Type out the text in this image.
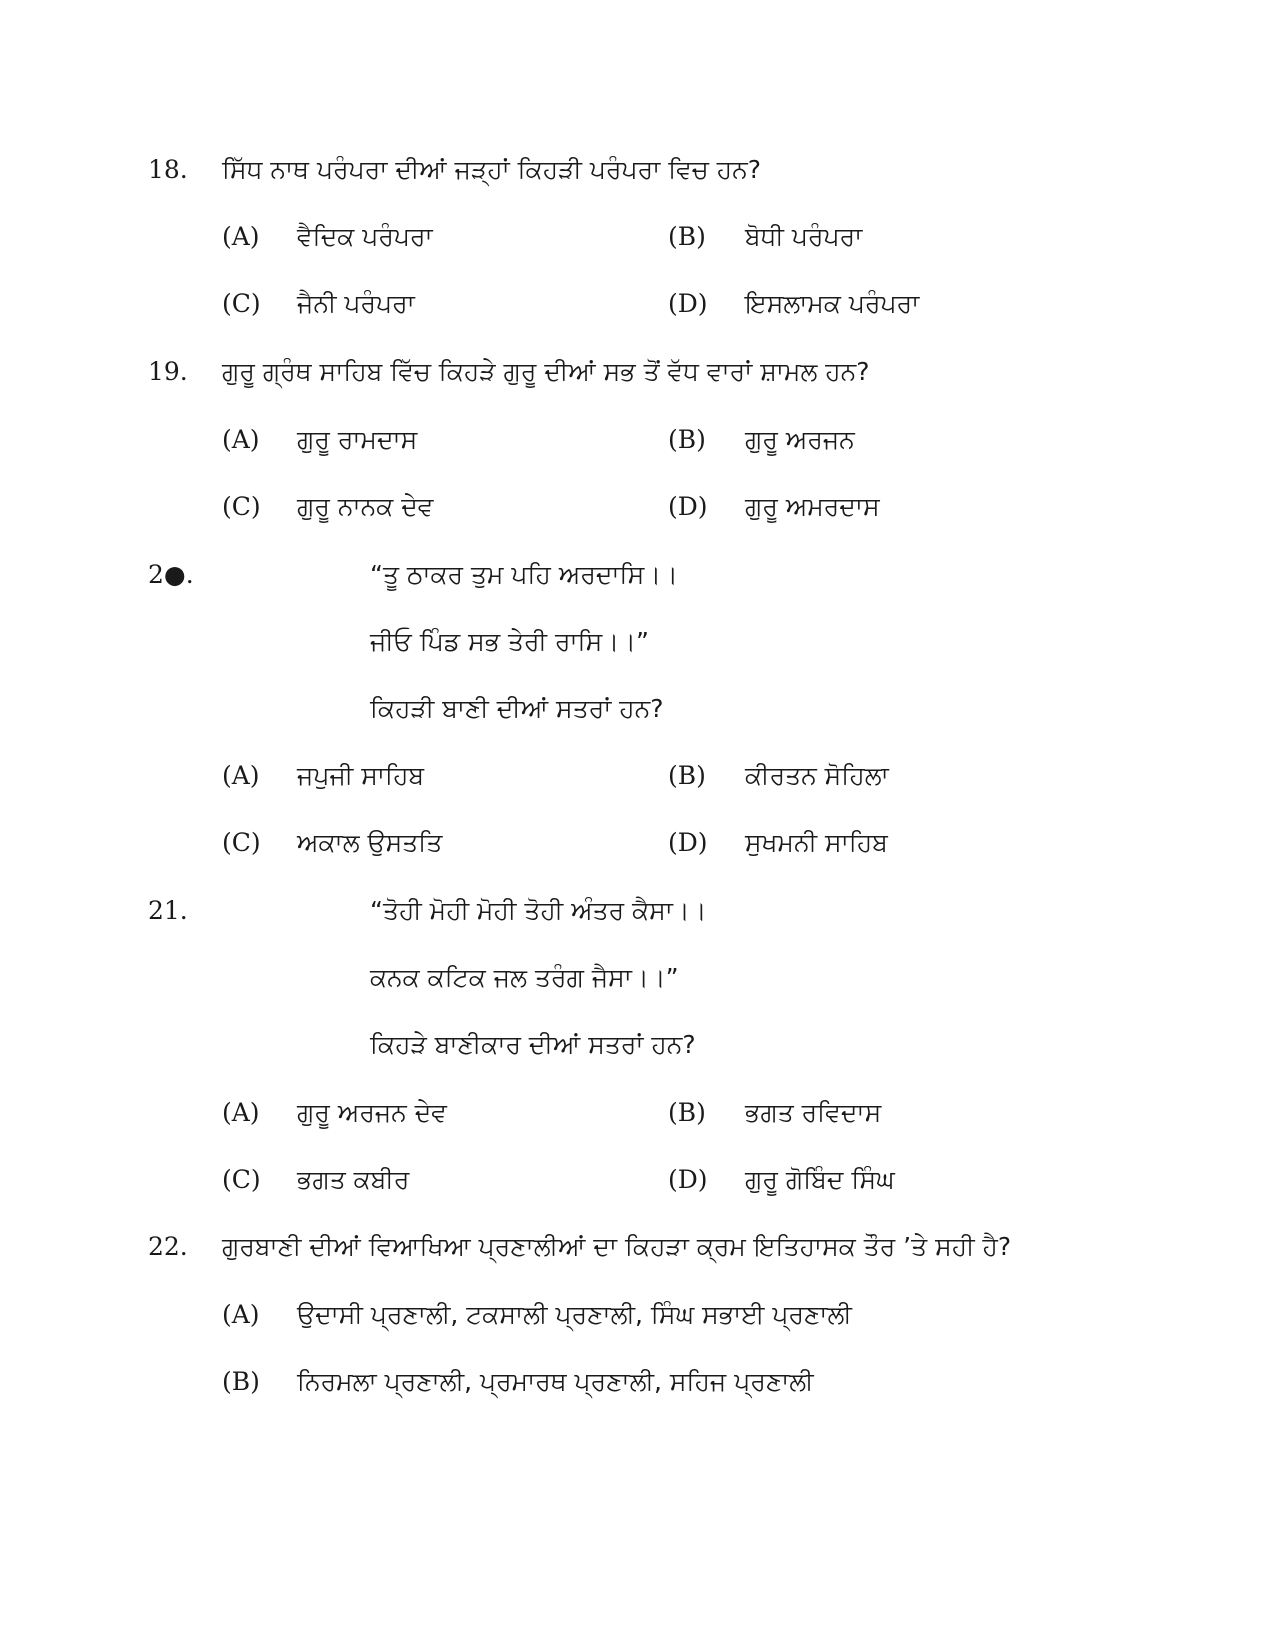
18. ਸਿੱਧ ਨਾਥ ਪਰੰਪਰਾ ਦੀਆਂ ਜੜ੍ਹਾਂ ਕਿਹੜੀ ਪਰੰਪਰਾ ਵਿਚ ਹਨ?
(A) ਵੈਦਿਕ ਪਰੰਪਰਾ	(B) ਬੋਧੀ ਪਰੰਪਰਾ
(C) ਜੈਨੀ ਪਰੰਪਰਾ	(D) ਇਸਲਾਮਕ ਪਰੰਪਰਾ
19. ਗੁਰੂ ਗ੍ਰੰਥ ਸਾਹਿਬ ਵਿੱਚ ਕਿਹੜੇ ਗੁਰੂ ਦੀਆਂ ਸਭ ਤੋਂ ਵੱਧ ਵਾਰਾਂ ਸ਼ਾਮਲ ਹਨ?
(A) ਗੁਰੂ ਰਾਮਦਾਸ	(B) ਗੁਰੂ ਅਰਜਨ
(C) ਗੁਰੂ ਨਾਨਕ ਦੇਵ	(D) ਗੁਰੂ ਅਮਰਦਾਸ
2●.	“ਤੂ ਠਾਕਰ ਤੁਮ ਪਹਿ ਅਰਦਾਸਿ।।
ਜੀਓ ਪਿੰਡ ਸਭ ਤੇਰੀ ਰਾਸਿ।।”
ਕਿਹੜੀ ਬਾਣੀ ਦੀਆਂ ਸਤਰਾਂ ਹਨ?
(A) ਜਪੁਜੀ ਸਾਹਿਬ	(B) ਕੀਰਤਨ ਸੋਹਿਲਾ
(C) ਅਕਾਲ ਉਸਤਤਿ	(D) ਸੁਖਮਨੀ ਸਾਹਿਬ
21.	“ਤੋਹੀ ਮੋਹੀ ਮੋਹੀ ਤੋਹੀ ਅੰਤਰ ਕੈਸਾ।।
ਕਨਕ ਕਟਿਕ ਜਲ ਤਰੰਗ ਜੈਸਾ।।”
ਕਿਹੜੇ ਬਾਣੀਕਾਰ ਦੀਆਂ ਸਤਰਾਂ ਹਨ?
(A) ਗੁਰੂ ਅਰਜਨ ਦੇਵ	(B) ਭਗਤ ਰਵਿਦਾਸ
(C) ਭਗਤ ਕਬੀਰ	(D) ਗੁਰੂ ਗੋਬਿੰਦ ਸਿੰਘ
22. ਗੁਰਬਾਣੀ ਦੀਆਂ ਵਿਆਖਿਆ ਪ੍ਰਣਾਲੀਆਂ ਦਾ ਕਿਹੜਾ ਕ੍ਰਮ ਇਤਿਹਾਸਕ ਤੌਰ ’ਤੇ ਸਹੀ ਹੈ?
(A) ਉਦਾਸੀ ਪ੍ਰਣਾਲੀ, ਟਕਸਾਲੀ ਪ੍ਰਣਾਲੀ, ਸਿੰਘ ਸਭਾਈ ਪ੍ਰਣਾਲੀ
(B) ਨਿਰਮਲਾ ਪ੍ਰਣਾਲੀ, ਪ੍ਰਮਾਰਥ ਪ੍ਰਣਾਲੀ, ਸਹਿਜ ਪ੍ਰਣਾਲੀ
